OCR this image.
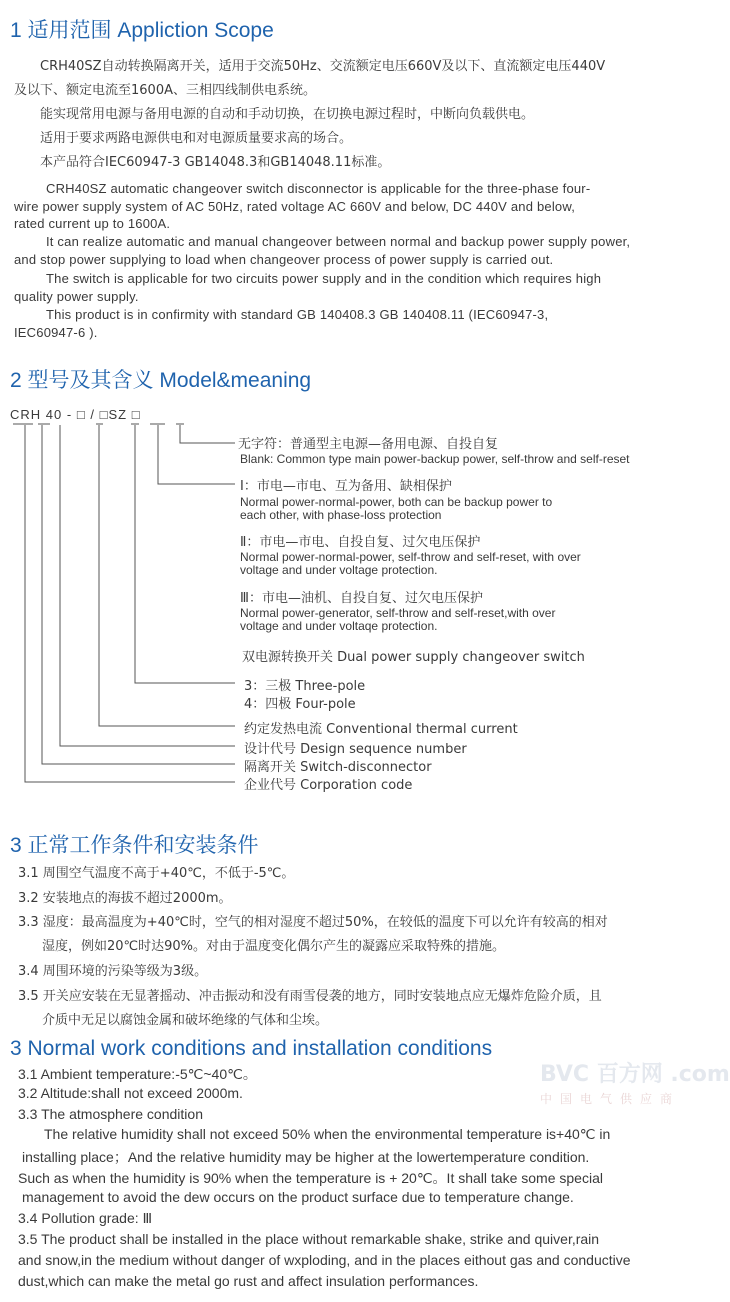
1 适用范围 Appliction Scope
CRH40SZ自动转换隔离开关，适用于交流50Hz、交流额定电压660V及以下、直流额定电压440V
及以下、额定电流至1600A、三相四线制供电系统。
能实现常用电源与备用电源的自动和手动切换，在切换电源过程时，中断向负载供电。
适用于要求两路电源供电和对电源质量要求高的场合。
本产品符合IEC60947-3 GB14048.3和GB14048.11标准。
CRH40SZ automatic changeover switch disconnector is applicable for the three-phase four-
wire power supply system of AC 50Hz, rated voltage AC 660V and below, DC 440V and below,
rated current up to 1600A.
It can realize automatic and manual changeover between normal and backup power supply power,
and stop power supplying to load when changeover process of power supply is carried out.
The switch is applicable for two circuits power supply and in the condition which requires high
quality power supply.
This product is in confirmity with standard GB 140408.3 GB 140408.11 (IEC60947-3,
IEC60947-6 ).
2 型号及其含义 Model&meaning
CRH 40 - □ / □SZ □
无字符：普通型主电源—备用电源、自投自复
Blank: Common type main power-backup power, self-throw and self-reset
Ⅰ：市电—市电、互为备用、缺相保护
Normal power-normal-power, both can be backup power to
each other, with phase-loss protection
Ⅱ：市电—市电、自投自复、过欠电压保护
Normal power-normal-power, self-throw and self-reset, with over
voltage and under voltage protection.
Ⅲ：市电—油机、自投自复、过欠电压保护
Normal power-generator, self-throw and self-reset,with over
voltage and under voltaqe protection.
双电源转换开关 Dual power supply changeover switch
3：三极 Three-pole
4：四极 Four-pole
约定发热电流 Conventional thermal current
设计代号 Design sequence number
隔离开关 Switch-disconnector
企业代号 Corporation code
3 正常工作条件和安装条件
3.1 周围空气温度不高于+40℃，不低于-5℃。
3.2 安装地点的海拔不超过2000m。
3.3 湿度：最高温度为+40℃时，空气的相对湿度不超过50%，在较低的温度下可以允许有较高的相对
湿度，例如20℃时达90%。对由于温度变化偶尔产生的凝露应采取特殊的措施。
3.4 周围环境的污染等级为3级。
3.5 开关应安装在无显著摇动、冲击振动和没有雨雪侵袭的地方，同时安装地点应无爆炸危险介质，且
介质中无足以腐蚀金属和破坏绝缘的气体和尘埃。
3 Normal work conditions and installation conditions
3.1 Ambient temperature:-5℃~40℃。
3.2 Altitude:shall not exceed 2000m.
3.3 The atmosphere condition
The relative humidity shall not exceed 50% when the environmental temperature is+40℃ in
installing place；And the relative humidity may be higher at the lowertemperature condition.
Such as when the humidity is 90% when the temperature is + 20℃。It shall take some special
management to avoid the dew occurs on the product surface due to temperature change.
3.4 Pollution grade: Ⅲ
3.5 The product shall be installed in the place without remarkable shake, strike and quiver,rain
and snow,in the medium without danger of wxploding, and in the places eithout gas and conductive
dust,which can make the metal go rust and affect insulation performances.
BVC 百方网 .com
中国电气供应商
